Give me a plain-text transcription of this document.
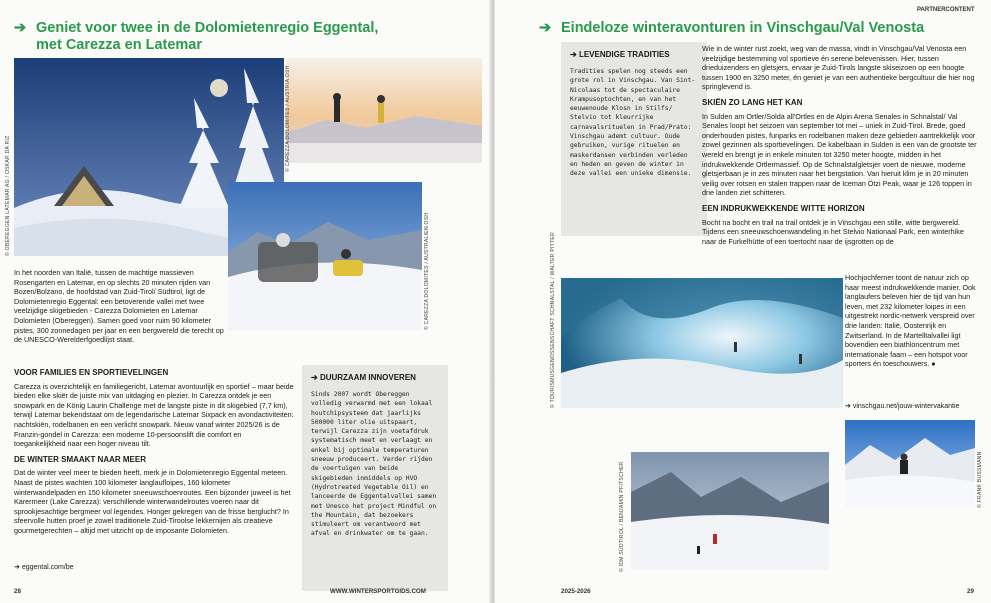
➔ Geniet voor twee in de Dolomietenregio Eggental,
met Carezza en Latemar
© OBEREGGEN LATEMAR AG / OSKAR DA RIZ
© CAREZZA DOLOMITES / AUSTRIA.OSH
© CAREZZA DOLOMITES / AUSTRALIEN.OSH

In het noorden van Italië, tussen de machtige massieven Rosengarten en Latemar, en op slechts 20 minuten rijden van Bozen/Bolzano, de hoofdstad van Zuid-Tirol/ Südtirol, ligt de Dolomietenregio Eggental: een betoverende vallei met twee veelzijdige skigebieden - Carezza Dolomieten en Latemar Dolomieten (Obereggen). Samen goed voor ruim 90 kilometer pistes, 300 zonnedagen per jaar en een bergwereld die terecht op de UNESCO-Werelderfgoedlijst staat.

VOOR FAMILIES EN SPORTIEVELINGEN

Carezza is overzichtelijk en familiegericht, Latemar avontuurlijk en sportief – maar beide bieden elke skiër de juiste mix van uitdaging en plezier. In Carezza ontdek je een snowpark en de König Laurin Challenge met de langste piste in dit skigebied (7,7 km), terwijl Latemar bekendstaat om de legendarische Latemar Sixpack en avondactiviteiten: nachtskiën, rodelbanen en een verlicht snowpark. Nieuw vanaf winter 2025/26 is de Franzin-gondel in Carezza: een moderne 10-persoonslift die comfort en toegankelijkheid naar een hoger niveau tilt.

DE WINTER SMAAKT NAAR MEER

Dat de winter veel meer te bieden heeft, merk je in Dolomietenregio Eggental meteen. Naast de pistes wachten 100 kilometer langlaufloipes, 160 kilometer winterwandelpaden en 150 kilometer sneeuwschoenroutes. Een bijzonder juweel is het Karermeer (Lake Carezza): verschillende winterwandelroutes voeren naar dit sprookjesachtige bergmeer vol legendes. Honger gekregen van de frisse berglucht? In sfeervolle hutten proef je zowel traditionele Zuid-Tiroolse lekkernijen als creatieve gourmetgerechten – altijd met uitzicht op de imposante Dolomieten.

➔ eggental.com/be
➔ DUURZAAM INNOVEREN
Sinds 2007 wordt Obereggen volledig verwarmd met een lokaal houtchipsysteem dat jaarlijks 500000 liter olie uitspaart, terwijl Carezza zijn voetafdruk systematisch meet en verlaagt en enkel bij optimale temperaturen sneeuw produceert. Verder rijden de voertuigen van beide skigebieden inmiddels op HVO (Hydrotreated Vegetable Oil) en lanceerde de Eggentalvallei samen met Unesco het project Mindful on the Mountain, dat bezoekers stimuleert om verantwoord met afval en drinkwater om te gaan.
28	WWW.WINTERSPORTGIDS.COM
PARTNERCONTENT
➔ Eindeloze winteravonturen in Vinschgau/Val Venosta
➔ LEVENDIGE TRADITIES
Tradities spelen nog steeds een grote rol in Vinschgau. Van Sint-Nicolaas tot de spectaculaire Krampusoptochten, en van het eeuwenoude Klosn in Stilfs/ Stelvio tot kleurrijke carnavalsrituelen in Prad/Prato: Vinschgau ademt cultuur. Oude gebruiken, vurige rituelen en maskerdansen verbinden verleden en heden en geven de winter in deze vallei een unieke dimensie.

Wie in de winter rust zoekt, weg van de massa, vindt in Vinschgau/Val Venosta een veelzijdige bestemming vol sportieve én serene belevenissen. Hier, tussen drieduizenders en gletsjers, ervaar je Zuid-Tirols langste skiseizoen op een hoogte tussen 1900 en 3250 meter, én geniet je van een authentieke bergcultuur die hier nog springlevend is.

SKIËN ZO LANG HET KAN

In Sulden am Ortler/Solda all'Ortles en de Alpin Arena Senales in Schnalstal/ Val Senales loopt het seizoen van september tot mei – uniek in Zuid-Tirol. Brede, goed onderhouden pistes, funparks en rodelbanen maken deze gebieden aantrekkelijk voor zowel gezinnen als sportievelingen. De kabelbaan in Sulden is een van de grootste ter wereld en brengt je in enkele minuten tot 3250 meter hoogte, midden in het indrukwekkende Ortlermassief. Op de Schnalstalgletsjer voert de nieuwe, moderne gletsjerbaan je in zes minuten naar het bergstation. Van hieruit klim je in 20 minuten veilig over rotsen en stalen trappen naar de Iceman Ötzi Peak, waar je 126 toppen in drie landen ziet schitteren.

EEN INDRUKWEKKENDE WITTE HORIZON

Bocht na bocht en trail na trail ontdek je in Vinschgau een stille, witte bergwereld. Tijdens een sneeuwschoenwandeling in het Stelvio Nationaal Park, een winterhike naar de Furkelhütte of een toertocht naar de ijsgrotten op de

© TOURISMUSGENOSSENSCHAFT SCHNALSTAL / WALTER PITTER	Hochjochferner toont de natuur zich op haar meest indrukwekkende manier. Ook langlaufers beleven hier de tijd van hun leven, met 232 kilometer loipes in een uitgestrekt nordic-netwerk verspreid over drie landen: Italië, Oostenrijk en Zwitserland. In de Martelltalvallei ligt bovendien een biathloncentrum met internationale faam – een hotspot voor sporters én toeschouwers. ●

➔ vinschgau.net/jouw-wintervakantie
© IDM SÜDTIROL / BENJAMIN PFITSCHER	© FRANK BUSSMANN
2025-2026	29
